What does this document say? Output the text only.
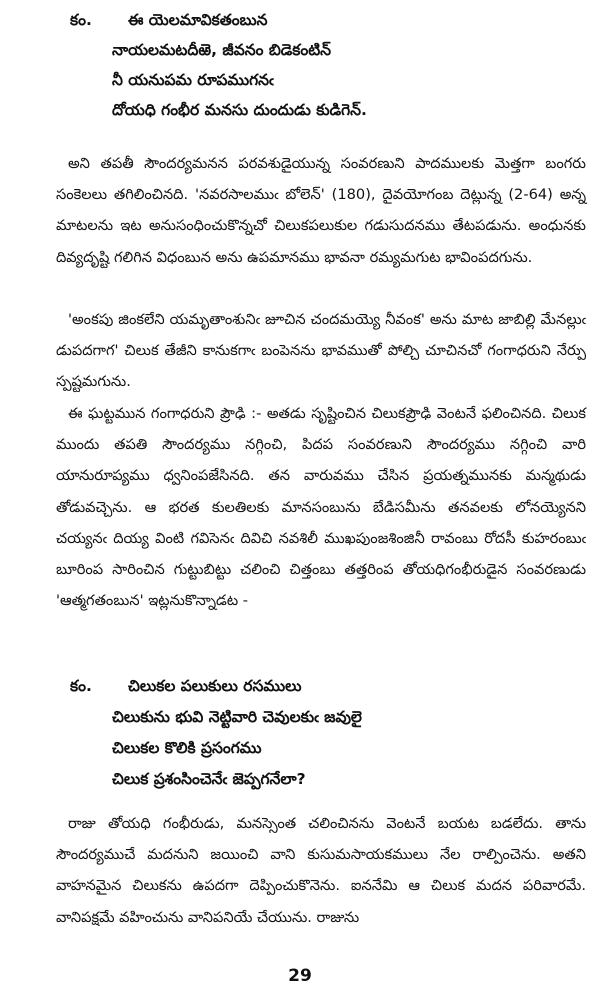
కం. ఈ యెలమావికతంబున
నాయలమటదీఱె, జీవనం బిడెకంటిన్
నీ యనుపమ రూపముగనఁ
దోయధి గంభీర మనసు దుందుడు కుడిగెన్.
అని తపతీ సౌందర్యమనన పరవశుడైయున్న సంవరణుని పాదములకు మెత్తగా బంగరు సంకెలలు తగిలించినది. 'నవరసాలముఁ బోలెన్' (180), దైవయోగంబ దెట్లున్న (2-64) అన్న మాటలను ఇట అనుసంధించుకొన్నచో చిలుకపలుకుల గడుసుదనము తేటపడును. అంధునకు దివ్యదృష్టి గలిగిన విధంబున అను ఉపమానము భావనా రమ్యమగుట భావింపదగును.
'అంకపు జింకలేని యమృతాంశునిఁ జూచిన చందమయ్యె నీవంక' అను మాట జాబిల్లి మేనల్లుఁ డుపదగాగ' చిలుక తేజీని కానుకగాఁ బంపెనను భావముతో పోల్చి చూచినచో గంగాధరుని నేర్పు స్పష్టమగును.
ఈ ఘట్టమున గంగాధరుని ప్రౌఢి :- అతడు సృష్టించిన చిలుకప్రౌఢి వెంటనే ఫలించినది. చిలుక ముందు తపతి సౌందర్యము నగ్గించి, పిదప సంవరణుని సౌందర్యము నగ్గించి వారి యానురూప్యము ధ్వనింపజేసినది. తన వారువము చేసిన ప్రయత్నమునకు మన్మథుడు తోడువచ్చెను. ఆ భరత కులతిలకు మానసంబును బేడిసమీను తనవలకు లోనయ్యెనని చయ్యనఁ దియ్య వింటి గవిసెనఁ దివిచి నవశిలీ ముఖపుంజశింజినీ రావంబు రోదసీ కుహరంబుఁ బూరింప సారించిన గుట్టుబిట్టు చలించి చిత్తంబు తత్తరింప తోయధిగంభీరుడైన సంవరణుడు 'ఆత్మగతంబున' ఇట్లనుకొన్నాడట -
కం. చిలుకల పలుకులు రసములు
చిలుకును భువి నెట్టివారి చెవులకుఁ జవులై
చిలుకల కొలికి ప్రసంగము
చిలుక ప్రశంసించెనేఁ జెప్పగనేలా?
రాజు తోయధి గంభీరుడు, మనస్సెంత చలించినను వెంటనే బయట బడలేదు. తాను సౌందర్యముచే మదనుని జయించి వాని కుసుమసాయకములు నేల రాల్పించెను. అతని వాహనమైన చిలుకను ఉపదగా దెప్పించుకొనెను. ఐననేమి ఆ చిలుక మదన పరివారమే. వానిపక్షమే వహించును వానిపనియే చేయును. రాజును
29
